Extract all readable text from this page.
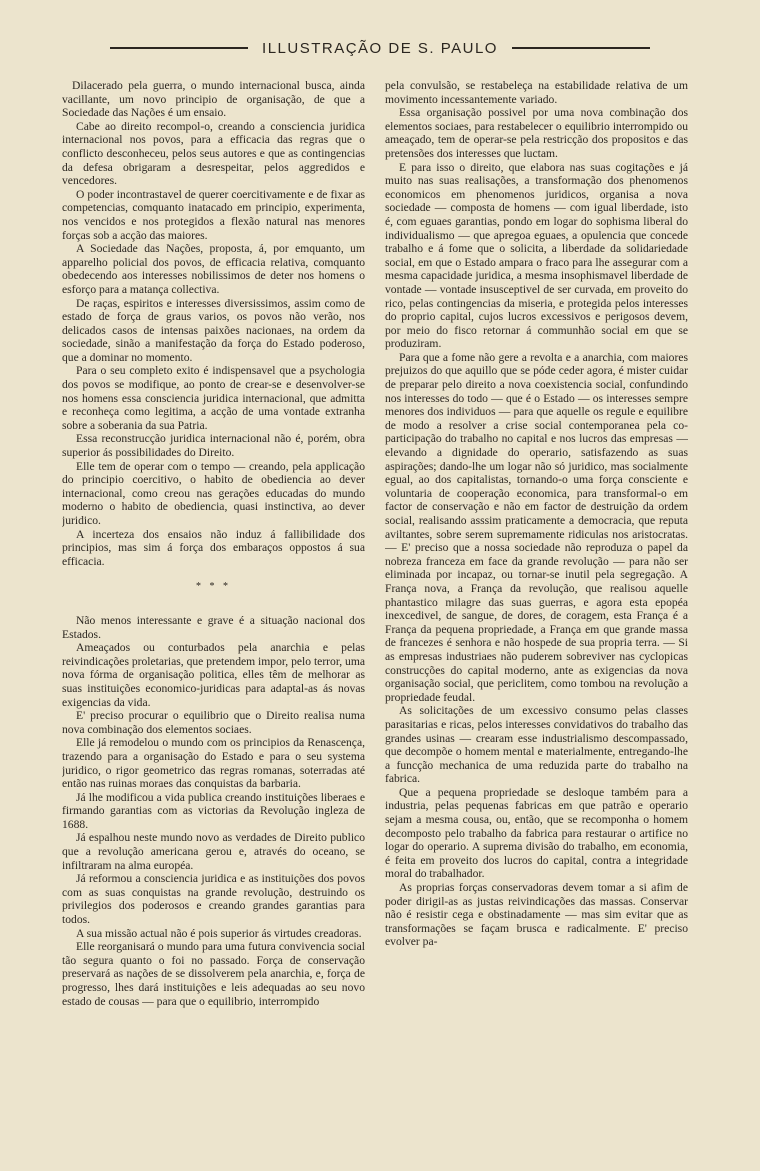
ILLUSTRAÇÃO DE S. PAULO

Dilacerado pela guerra, o mundo internacional busca, ainda vacillante, um novo principio de organisação, de que a Sociedade das Nações é um ensaio.

Cabe ao direito recompol-o, creando a consciencia juridica internacional nos povos, para a efficacia das regras que o conflicto desconheceu, pelos seus autores e que as contingencias da defesa obrigaram a desrespeitar, pelos aggredidos e vencedores.

O poder incontrastavel de querer coercitivamente e de fixar as competencias, comquanto inatacado em principio, experimenta, nos vencidos e nos protegidos a flexão natural nas menores forças sob a acção das maiores.

A Sociedade das Nações, proposta, á, por emquanto, um apparelho policial dos povos, de efficacia relativa, comquanto obedecendo aos interesses nobilissimos de deter nos homens o esforço para a matança collectiva.

De raças, espiritos e interesses diversissimos, assim como de estado de força de graus varios, os povos não verão, nos delicados casos de intensas paixões nacionaes, na ordem da sociedade, sinão a manifestação da força do Estado poderoso, que a dominar no momento.

Para o seu completo exito é indispensavel que a psychologia dos povos se modifique, ao ponto de crear-se e desenvolver-se nos homens essa consciencia juridica internacional, que admitta e reconheça como legitima, a acção de uma vontade extranha sobre a soberania da sua Patria.

Essa reconstrucção juridica internacional não é, porém, obra superior ás possibilidades do Direito.

Elle tem de operar com o tempo — creando, pela applicação do principio coercitivo, o habito de obediencia ao dever internacional, como creou nas gerações educadas do mundo moderno o habito de obediencia, quasi instinctiva, ao dever juridico.

A incerteza dos ensaios não induz á fallibilidade dos principios, mas sim á força dos embaraços oppostos á sua efficacia.

* * *

Não menos interessante e grave é a situação nacional dos Estados.

Ameaçados ou conturbados pela anarchia e pelas reivindicações proletarias, que pretendem impor, pelo terror, uma nova fórma de organisação politica, elles têm de melhorar as suas instituições economico-juridicas para adaptal-as ás novas exigencias da vida.

E' preciso procurar o equilibrio que o Direito realisa numa nova combinação dos elementos sociaes.

Elle já remodelou o mundo com os principios da Renascença, trazendo para a organisação do Estado e para o seu systema juridico, o rigor geometrico das regras romanas, soterradas até então nas ruinas moraes das conquistas da barbaria.

Já lhe modificou a vida publica creando instituições liberaes e firmando garantias com as victorias da Revolução ingleza de 1688.

Já espalhou neste mundo novo as verdades de Direito publico que a revolução americana gerou e, através do oceano, se infiltraram na alma européa.

Já reformou a consciencia juridica e as instituições dos povos com as suas conquistas na grande revolução, destruindo os privilegios dos poderosos e creando grandes garantias para todos.

A sua missão actual não é pois superior ás virtudes creadoras.

Elle reorganisará o mundo para uma futura convivencia social tão segura quanto o foi no passado. Força de conservação preservará as nações de se dissolverem pela anarchia, e, força de progresso, lhes dará instituições e leis adequadas ao seu novo estado de cousas — para que o equilibrio, interrompido

pela convulsão, se restabeleça na estabilidade relativa de um movimento incessantemente variado.

Essa organisação possivel por uma nova combinação dos elementos sociaes, para restabelecer o equilibrio interrompido ou ameaçado, tem de operar-se pela restricção dos propositos e das pretensões dos interesses que luctam.

E para isso o direito, que elabora nas suas cogitações e já muito nas suas realisações, a transformação dos phenomenos economicos em phenomenos juridicos, organisa a nova sociedade — composta de homens — com igual liberdade, isto é, com eguaes garantias, pondo em logar do sophisma liberal do individualismo — que apregoa eguaes, a opulencia que concede trabalho e á fome que o solicita, a liberdade da solidariedade social, em que o Estado ampara o fraco para lhe assegurar com a mesma capacidade juridica, a mesma insophismavel liberdade de vontade — vontade insusceptivel de ser curvada, em proveito do rico, pelas contingencias da miseria, e protegida pelos interesses do proprio capital, cujos lucros excessivos e perigosos devem, por meio do fisco retornar á communhão social em que se produziram.

Para que a fome não gere a revolta e a anarchia, com maiores prejuizos do que aquillo que se póde ceder agora, é mister cuidar de preparar pelo direito a nova coexistencia social, confundindo nos interesses do todo — que é o Estado — os interesses sempre menores dos individuos — para que aquelle os regule e equilibre de modo a resolver a crise social contemporanea pela co-participação do trabalho no capital e nos lucros das empresas — elevando a dignidade do operario, satisfazendo as suas aspirações; dando-lhe um logar não só juridico, mas socialmente egual, ao dos capitalistas, tornando-o uma força consciente e voluntaria de cooperação economica, para transformal-o em factor de conservação e não em factor de destruição da ordem social, realisando asssim praticamente a democracia, que reputa aviltantes, sobre serem supremamente ridiculas nos aristocratas. — E' preciso que a nossa sociedade não reproduza o papel da nobreza franceza em face da grande revolução — para não ser eliminada por incapaz, ou tornar-se inutil pela segregação. A França nova, a França da revolução, que realisou aquelle phantastico milagre das suas guerras, e agora esta epopéa inexcedivel, de sangue, de dores, de coragem, esta França é a França da pequena propriedade, a França em que grande massa de francezes é senhora e não hospede de sua propria terra. — Si as empresas industriaes não puderem sobreviver nas cyclopicas construcções do capital moderno, ante as exigencias da nova organisação social, que periclitem, como tombou na revolução a propriedade feudal.

As solicitações de um excessivo consumo pelas classes parasitarias e ricas, pelos interesses convidativos do trabalho das grandes usinas — crearam esse industrialismo descompassado, que decompõe o homem mental e materialmente, entregando-lhe a funcção mechanica de uma reduzida parte do trabalho na fabrica.

Que a pequena propriedade se desloque também para a industria, pelas pequenas fabricas em que patrão e operario sejam a mesma cousa, ou, então, que se recomponha o homem decomposto pelo trabalho da fabrica para restaurar o artifice no logar do operario. A suprema divisão do trabalho, em economia, é feita em proveito dos lucros do capital, contra a integridade moral do trabalhador.

As proprias forças conservadoras devem tomar a si afim de poder dirigil-as as justas reivindicações das massas. Conservar não é resistir cega e obstinadamente — mas sim evitar que as transformações se façam brusca e radicalmente. E' preciso evolver pa-
